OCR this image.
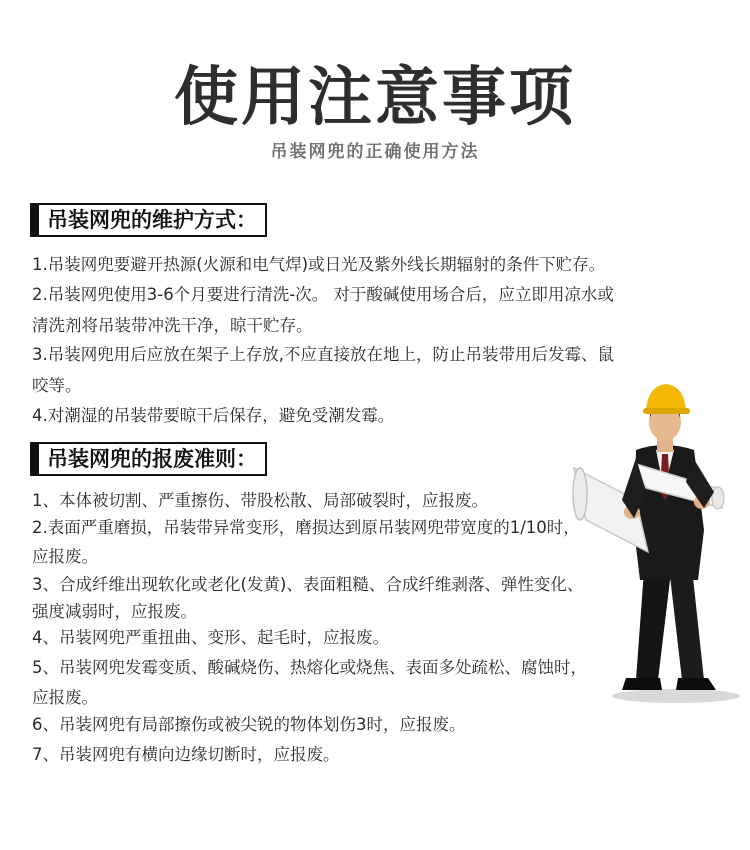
使用注意事项
吊装网兜的正确使用方法
吊装网兜的维护方式：
1.吊装网兜要避开热源(火源和电气焊)或日光及紫外线长期辐射的条件下贮存。
2.吊装网兜使用3-6个月要进行清洗-次。 对于酸碱使用场合后，应立即用凉水或
清洗剂将吊装带冲洗干净，晾干贮存。
3.吊装网兜用后应放在架子上存放,不应直接放在地上，防止吊装带用后发霉、鼠
咬等。
4.对潮湿的吊装带要晾干后保存，避免受潮发霉。
吊装网兜的报废准则：
1、本体被切割、严重擦伤、带股松散、局部破裂时，应报废。
2.表面严重磨损，吊装带异常变形，磨损达到原吊装网兜带宽度的1/10时，
应报废。
3、合成纤维出现软化或老化(发黄)、表面粗糙、合成纤维剥落、弹性变化、
强度减弱时，应报废。
4、吊装网兜严重扭曲、变形、起毛时，应报废。
5、吊装网兜发霉变质、酸碱烧伤、热熔化或烧焦、表面多处疏松、腐蚀时，
应报废。
6、吊装网兜有局部擦伤或被尖锐的物体划伤3时，应报废。
7、吊装网兜有横向边缘切断时，应报废。
